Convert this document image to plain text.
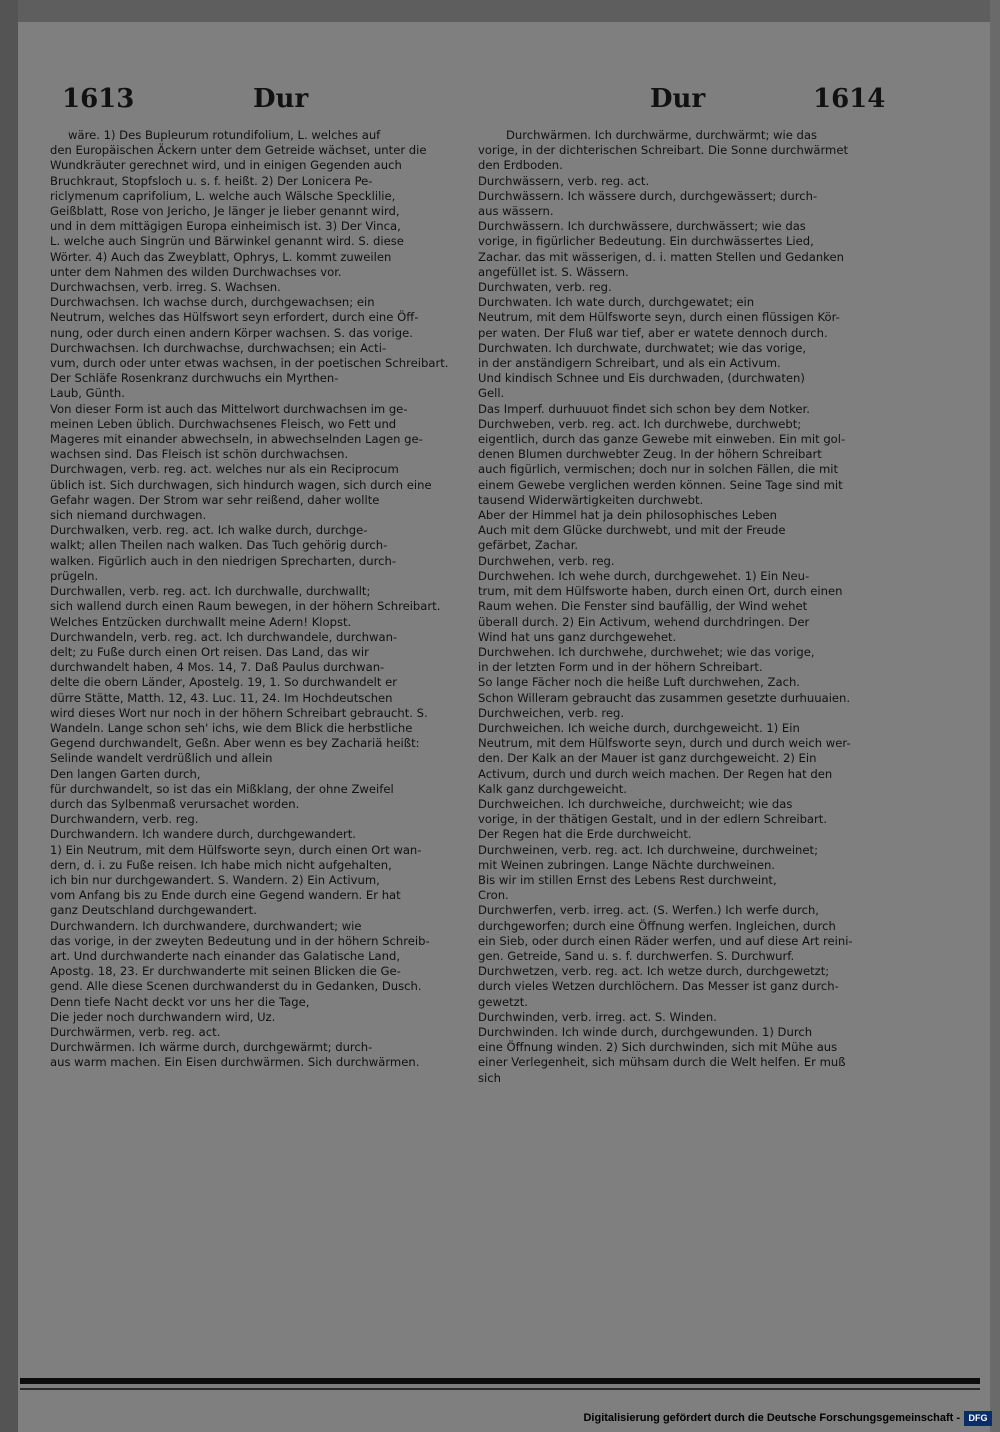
1613	Dur	Dur	1614
wäre. 1) Des Bupleurum rotundifolium, L. welches auf
den Europäischen Äckern unter dem Getreide wächset, unter die
Wundkräuter gerechnet wird, und in einigen Gegenden auch
Bruchkraut, Stopfsloch u. s. f. heißt. 2) Der Lonicera Pe-
riclymenum caprifolium, L. welche auch Wälsche Specklilie,
Geißblatt, Rose von Jericho, Je länger je lieber genannt wird,
und in dem mittägigen Europa einheimisch ist. 3) Der Vinca,
L. welche auch Singrün und Bärwinkel genannt wird. S. diese
Wörter. 4) Auch das Zweyblatt, Ophrys, L. kommt zuweilen
unter dem Nahmen des wilden Durchwachses vor.
Durchwachsen, verb. irreg. S. Wachsen.
Durchwachsen. Ich wachse durch, durchgewachsen; ein
Neutrum, welches das Hülfswort seyn erfordert, durch eine Öff-
nung, oder durch einen andern Körper wachsen. S. das vorige.
Durchwachsen. Ich durchwachse, durchwachsen; ein Acti-
vum, durch oder unter etwas wachsen, in der poetischen Schreibart.
Der Schläfe Rosenkranz durchwuchs ein Myrthen-
Laub, Günth.
Von dieser Form ist auch das Mittelwort durchwachsen im ge-
meinen Leben üblich. Durchwachsenes Fleisch, wo Fett und
Mageres mit einander abwechseln, in abwechselnden Lagen ge-
wachsen sind. Das Fleisch ist schön durchwachsen.
Durchwagen, verb. reg. act. welches nur als ein Reciprocum
üblich ist. Sich durchwagen, sich hindurch wagen, sich durch eine
Gefahr wagen. Der Strom war sehr reißend, daher wollte
sich niemand durchwagen.
Durchwalken, verb. reg. act. Ich walke durch, durchge-
walkt; allen Theilen nach walken. Das Tuch gehörig durch-
walken. Figürlich auch in den niedrigen Sprecharten, durch-
prügeln.
Durchwallen, verb. reg. act. Ich durchwalle, durchwallt;
sich wallend durch einen Raum bewegen, in der höhern Schreibart.
Welches Entzücken durchwallt meine Adern! Klopst.
Durchwandeln, verb. reg. act. Ich durchwandele, durchwan-
delt; zu Fuße durch einen Ort reisen. Das Land, das wir
durchwandelt haben, 4 Mos. 14, 7. Daß Paulus durchwan-
delte die obern Länder, Apostelg. 19, 1. So durchwandelt er
dürre Stätte, Matth. 12, 43. Luc. 11, 24. Im Hochdeutschen
wird dieses Wort nur noch in der höhern Schreibart gebraucht. S.
Wandeln. Lange schon seh' ichs, wie dem Blick die herbstliche
Gegend durchwandelt, Geßn. Aber wenn es bey Zachariä heißt:
Selinde wandelt verdrüßlich und allein
Den langen Garten durch,
für durchwandelt, so ist das ein Mißklang, der ohne Zweifel
durch das Sylbenmaß verursachet worden.
Durchwandern, verb. reg.
Durchwandern. Ich wandere durch, durchgewandert.
1) Ein Neutrum, mit dem Hülfsworte seyn, durch einen Ort wan-
dern, d. i. zu Fuße reisen. Ich habe mich nicht aufgehalten,
ich bin nur durchgewandert. S. Wandern. 2) Ein Activum,
vom Anfang bis zu Ende durch eine Gegend wandern. Er hat
ganz Deutschland durchgewandert.
Durchwandern. Ich durchwandere, durchwandert; wie
das vorige, in der zweyten Bedeutung und in der höhern Schreib-
art. Und durchwanderte nach einander das Galatische Land,
Apostg. 18, 23. Er durchwanderte mit seinen Blicken die Ge-
gend. Alle diese Scenen durchwanderst du in Gedanken, Dusch.
Denn tiefe Nacht deckt vor uns her die Tage,
Die jeder noch durchwandern wird, Uz.
Durchwärmen, verb. reg. act.
Durchwärmen. Ich wärme durch, durchgewärmt; durch-
aus warm machen. Ein Eisen durchwärmen. Sich durchwärmen.
Durchwärmen. Ich durchwärme, durchwärmt; wie das
vorige, in der dichterischen Schreibart. Die Sonne durchwärmet
den Erdboden.
Durchwässern, verb. reg. act.
Durchwässern. Ich wässere durch, durchgewässert; durch-
aus wässern.
Durchwässern. Ich durchwässere, durchwässert; wie das
vorige, in figürlicher Bedeutung. Ein durchwässertes Lied,
Zachar. das mit wässerigen, d. i. matten Stellen und Gedanken
angefüllet ist. S. Wässern.
Durchwaten, verb. reg.
Durchwaten. Ich wate durch, durchgewatet; ein
Neutrum, mit dem Hülfsworte seyn, durch einen flüssigen Kör-
per waten. Der Fluß war tief, aber er watete dennoch durch.
Durchwaten. Ich durchwate, durchwatet; wie das vorige,
in der anständigern Schreibart, und als ein Activum.
Und kindisch Schnee und Eis durchwaden, (durchwaten)
Gell.
Das Imperf. durhuuuot findet sich schon bey dem Notker.
Durchweben, verb. reg. act. Ich durchwebe, durchwebt;
eigentlich, durch das ganze Gewebe mit einweben. Ein mit gol-
denen Blumen durchwebter Zeug. In der höhern Schreibart
auch figürlich, vermischen; doch nur in solchen Fällen, die mit
einem Gewebe verglichen werden können. Seine Tage sind mit
tausend Widerwärtigkeiten durchwebt.
Aber der Himmel hat ja dein philosophisches Leben
Auch mit dem Glücke durchwebt, und mit der Freude
gefärbet, Zachar.
Durchwehen, verb. reg.
Durchwehen. Ich wehe durch, durchgewehet. 1) Ein Neu-
trum, mit dem Hülfsworte haben, durch einen Ort, durch einen
Raum wehen. Die Fenster sind baufällig, der Wind wehet
überall durch. 2) Ein Activum, wehend durchdringen. Der
Wind hat uns ganz durchgewehet.
Durchwehen. Ich durchwehe, durchwehet; wie das vorige,
in der letzten Form und in der höhern Schreibart.
So lange Fächer noch die heiße Luft durchwehen, Zach.
Schon Willeram gebraucht das zusammen gesetzte durhuuaien.
Durchweichen, verb. reg.
Durchweichen. Ich weiche durch, durchgeweicht. 1) Ein
Neutrum, mit dem Hülfsworte seyn, durch und durch weich wer-
den. Der Kalk an der Mauer ist ganz durchgeweicht. 2) Ein
Activum, durch und durch weich machen. Der Regen hat den
Kalk ganz durchgeweicht.
Durchweichen. Ich durchweiche, durchweicht; wie das
vorige, in der thätigen Gestalt, und in der edlern Schreibart.
Der Regen hat die Erde durchweicht.
Durchweinen, verb. reg. act. Ich durchweine, durchweinet;
mit Weinen zubringen. Lange Nächte durchweinen.
Bis wir im stillen Ernst des Lebens Rest durchweint,
Cron.
Durchwerfen, verb. irreg. act. (S. Werfen.) Ich werfe durch,
durchgeworfen; durch eine Öffnung werfen. Ingleichen, durch
ein Sieb, oder durch einen Räder werfen, und auf diese Art reini-
gen. Getreide, Sand u. s. f. durchwerfen. S. Durchwurf.
Durchwetzen, verb. reg. act. Ich wetze durch, durchgewetzt;
durch vieles Wetzen durchlöchern. Das Messer ist ganz durch-
gewetzt.
Durchwinden, verb. irreg. act. S. Winden.
Durchwinden. Ich winde durch, durchgewunden. 1) Durch
eine Öffnung winden. 2) Sich durchwinden, sich mit Mühe aus
einer Verlegenheit, sich mühsam durch die Welt helfen. Er muß
sich
Digitalisierung gefördert durch die Deutsche Forschungsgemeinschaft - DFG
